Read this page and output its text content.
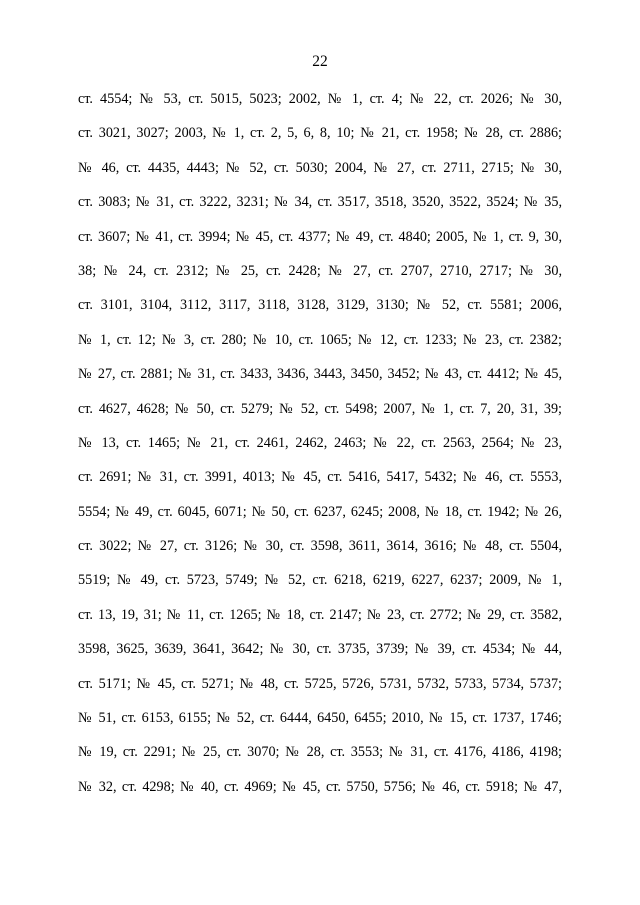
22
ст. 4554; № 53, ст. 5015, 5023; 2002, № 1, ст. 4; № 22, ст. 2026; № 30,
ст. 3021, 3027; 2003, № 1, ст. 2, 5, 6, 8, 10; № 21, ст. 1958; № 28, ст. 2886;
№ 46, ст. 4435, 4443; № 52, ст. 5030; 2004, № 27, ст. 2711, 2715; № 30,
ст. 3083; № 31, ст. 3222, 3231; № 34, ст. 3517, 3518, 3520, 3522, 3524; № 35,
ст. 3607; № 41, ст. 3994; № 45, ст. 4377; № 49, ст. 4840; 2005, № 1, ст. 9, 30,
38; № 24, ст. 2312; № 25, ст. 2428; № 27, ст. 2707, 2710, 2717; № 30,
ст. 3101, 3104, 3112, 3117, 3118, 3128, 3129, 3130; № 52, ст. 5581; 2006,
№ 1, ст. 12; № 3, ст. 280; № 10, ст. 1065; № 12, ст. 1233; № 23, ст. 2382;
№ 27, ст. 2881; № 31, ст. 3433, 3436, 3443, 3450, 3452; № 43, ст. 4412; № 45,
ст. 4627, 4628; № 50, ст. 5279; № 52, ст. 5498; 2007, № 1, ст. 7, 20, 31, 39;
№ 13, ст. 1465; № 21, ст. 2461, 2462, 2463; № 22, ст. 2563, 2564; № 23,
ст. 2691; № 31, ст. 3991, 4013; № 45, ст. 5416, 5417, 5432; № 46, ст. 5553,
5554; № 49, ст. 6045, 6071; № 50, ст. 6237, 6245; 2008, № 18, ст. 1942; № 26,
ст. 3022; № 27, ст. 3126; № 30, ст. 3598, 3611, 3614, 3616; № 48, ст. 5504,
5519; № 49, ст. 5723, 5749; № 52, ст. 6218, 6219, 6227, 6237; 2009, № 1,
ст. 13, 19, 31; № 11, ст. 1265; № 18, ст. 2147; № 23, ст. 2772; № 29, ст. 3582,
3598, 3625, 3639, 3641, 3642; № 30, ст. 3735, 3739; № 39, ст. 4534; № 44,
ст. 5171; № 45, ст. 5271; № 48, ст. 5725, 5726, 5731, 5732, 5733, 5734, 5737;
№ 51, ст. 6153, 6155; № 52, ст. 6444, 6450, 6455; 2010, № 15, ст. 1737, 1746;
№ 19, ст. 2291; № 25, ст. 3070; № 28, ст. 3553; № 31, ст. 4176, 4186, 4198;
№ 32, ст. 4298; № 40, ст. 4969; № 45, ст. 5750, 5756; № 46, ст. 5918; № 47,
